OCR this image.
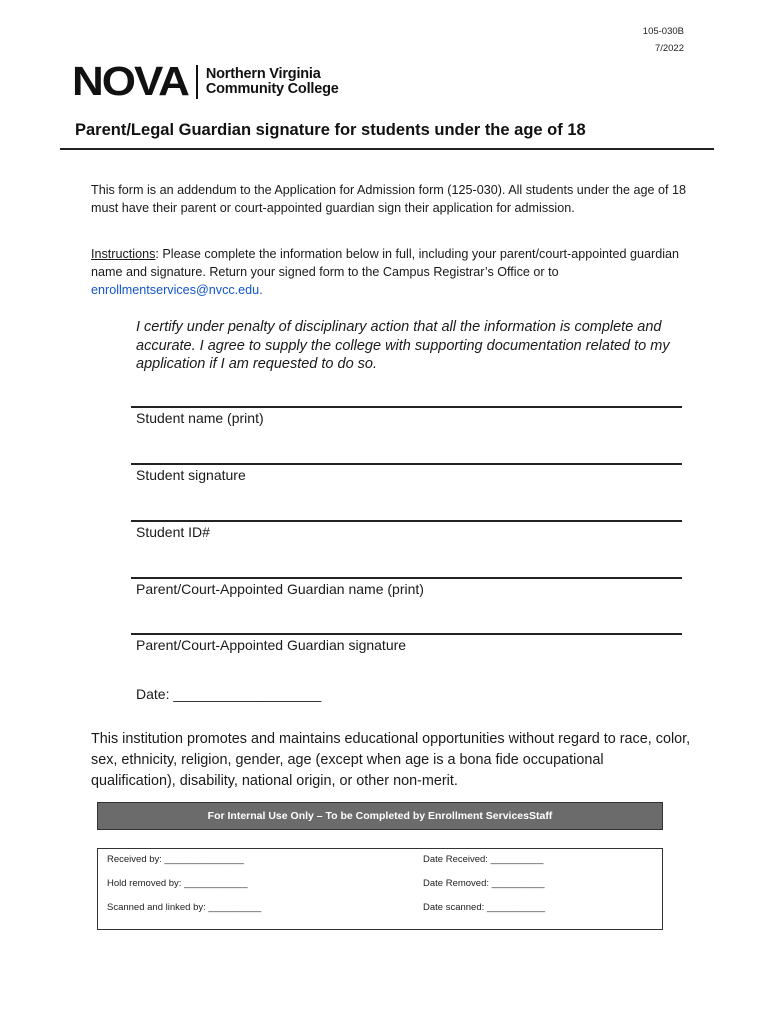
105-030B
7/2022
NOVA Northern Virginia
Community College
Parent/Legal Guardian signature for students under the age of 18
This form is an addendum to the Application for Admission form (125-030). All students under the age of 18 must have their parent or court-appointed guardian sign their application for admission.
Instructions: Please complete the information below in full, including your parent/court-appointed guardian name and signature. Return your signed form to the Campus Registrar’s Office or to enrollmentservices@nvcc.edu.
I certify under penalty of disciplinary action that all the information is complete and accurate. I agree to supply the college with supporting documentation related to my application if I am requested to do so.
Student name (print)
Student signature
Student ID#
Parent/Court-Appointed Guardian name (print)
Parent/Court-Appointed Guardian signature
Date: ___________________
This institution promotes and maintains educational opportunities without regard to race, color, sex, ethnicity, religion, gender, age (except when age is a bona fide occupational qualification), disability, national origin, or other non-merit.
For Internal Use Only – To be Completed by Enrollment ServicesStaff
Received by: _______________	Date Received: __________
Hold removed by: ____________	Date Removed: __________
Scanned and linked by: __________	Date scanned: ___________
